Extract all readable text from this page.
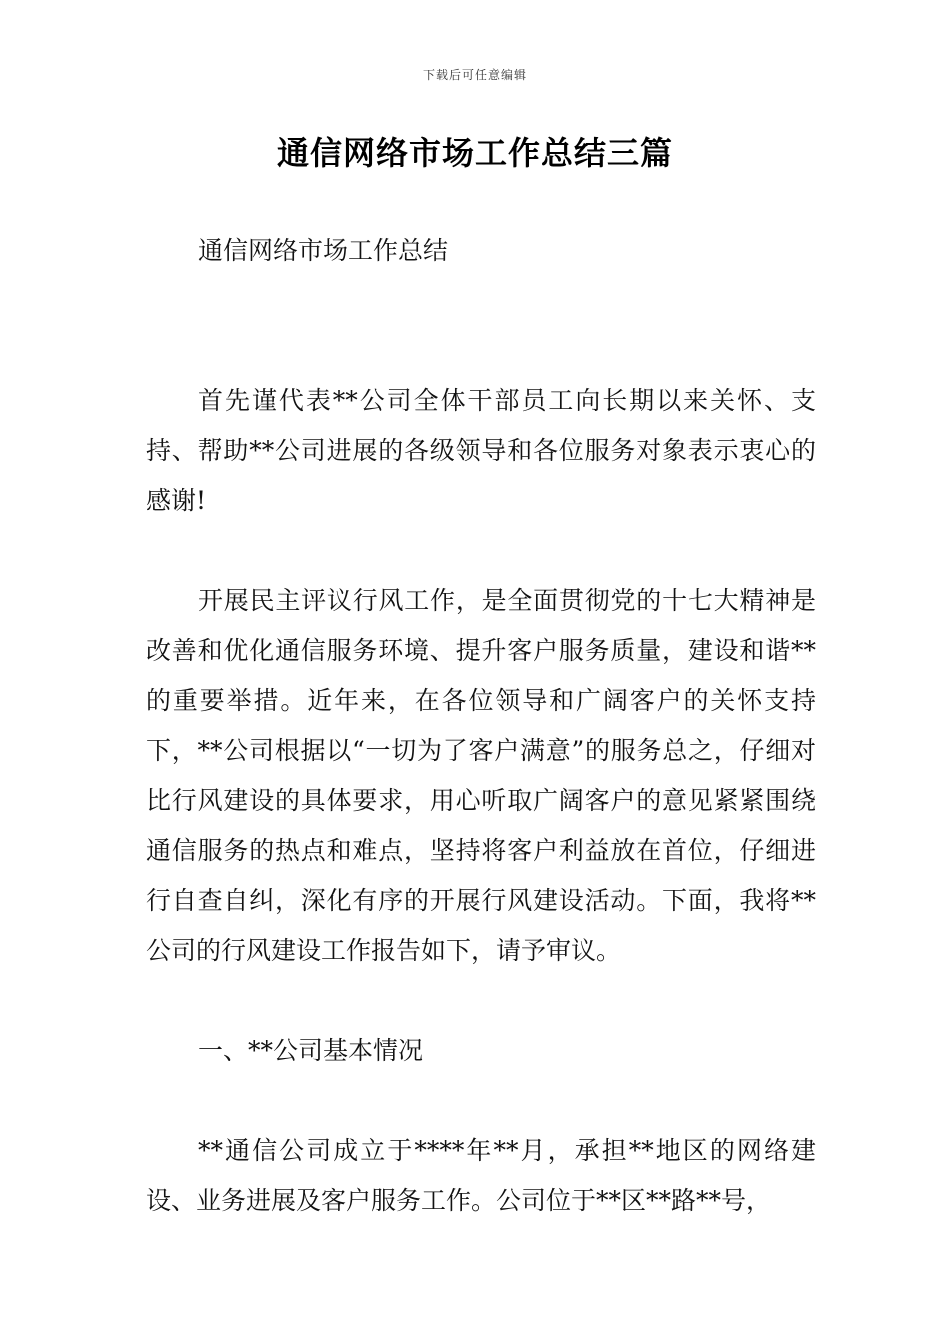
下载后可任意编辑
通信网络市场工作总结三篇

通信网络市场工作总结

首先谨代表**公司全体干部员工向长期以来关怀、支持、帮助**公司进展的各级领导和各位服务对象表示衷心的感谢!

开展民主评议行风工作，是全面贯彻党的十七大精神是改善和优化通信服务环境、提升客户服务质量，建设和谐**的重要举措。近年来，在各位领导和广阔客户的关怀支持下，**公司根据以“一切为了客户满意”的服务总之，仔细对比行风建设的具体要求，用心听取广阔客户的意见紧紧围绕通信服务的热点和难点，坚持将客户利益放在首位，仔细进行自查自纠，深化有序的开展行风建设活动。下面，我将**公司的行风建设工作报告如下，请予审议。

一、**公司基本情况

**通信公司成立于****年**月，承担**地区的网络建设、业务进展及客户服务工作。公司位于**区**路**号，
